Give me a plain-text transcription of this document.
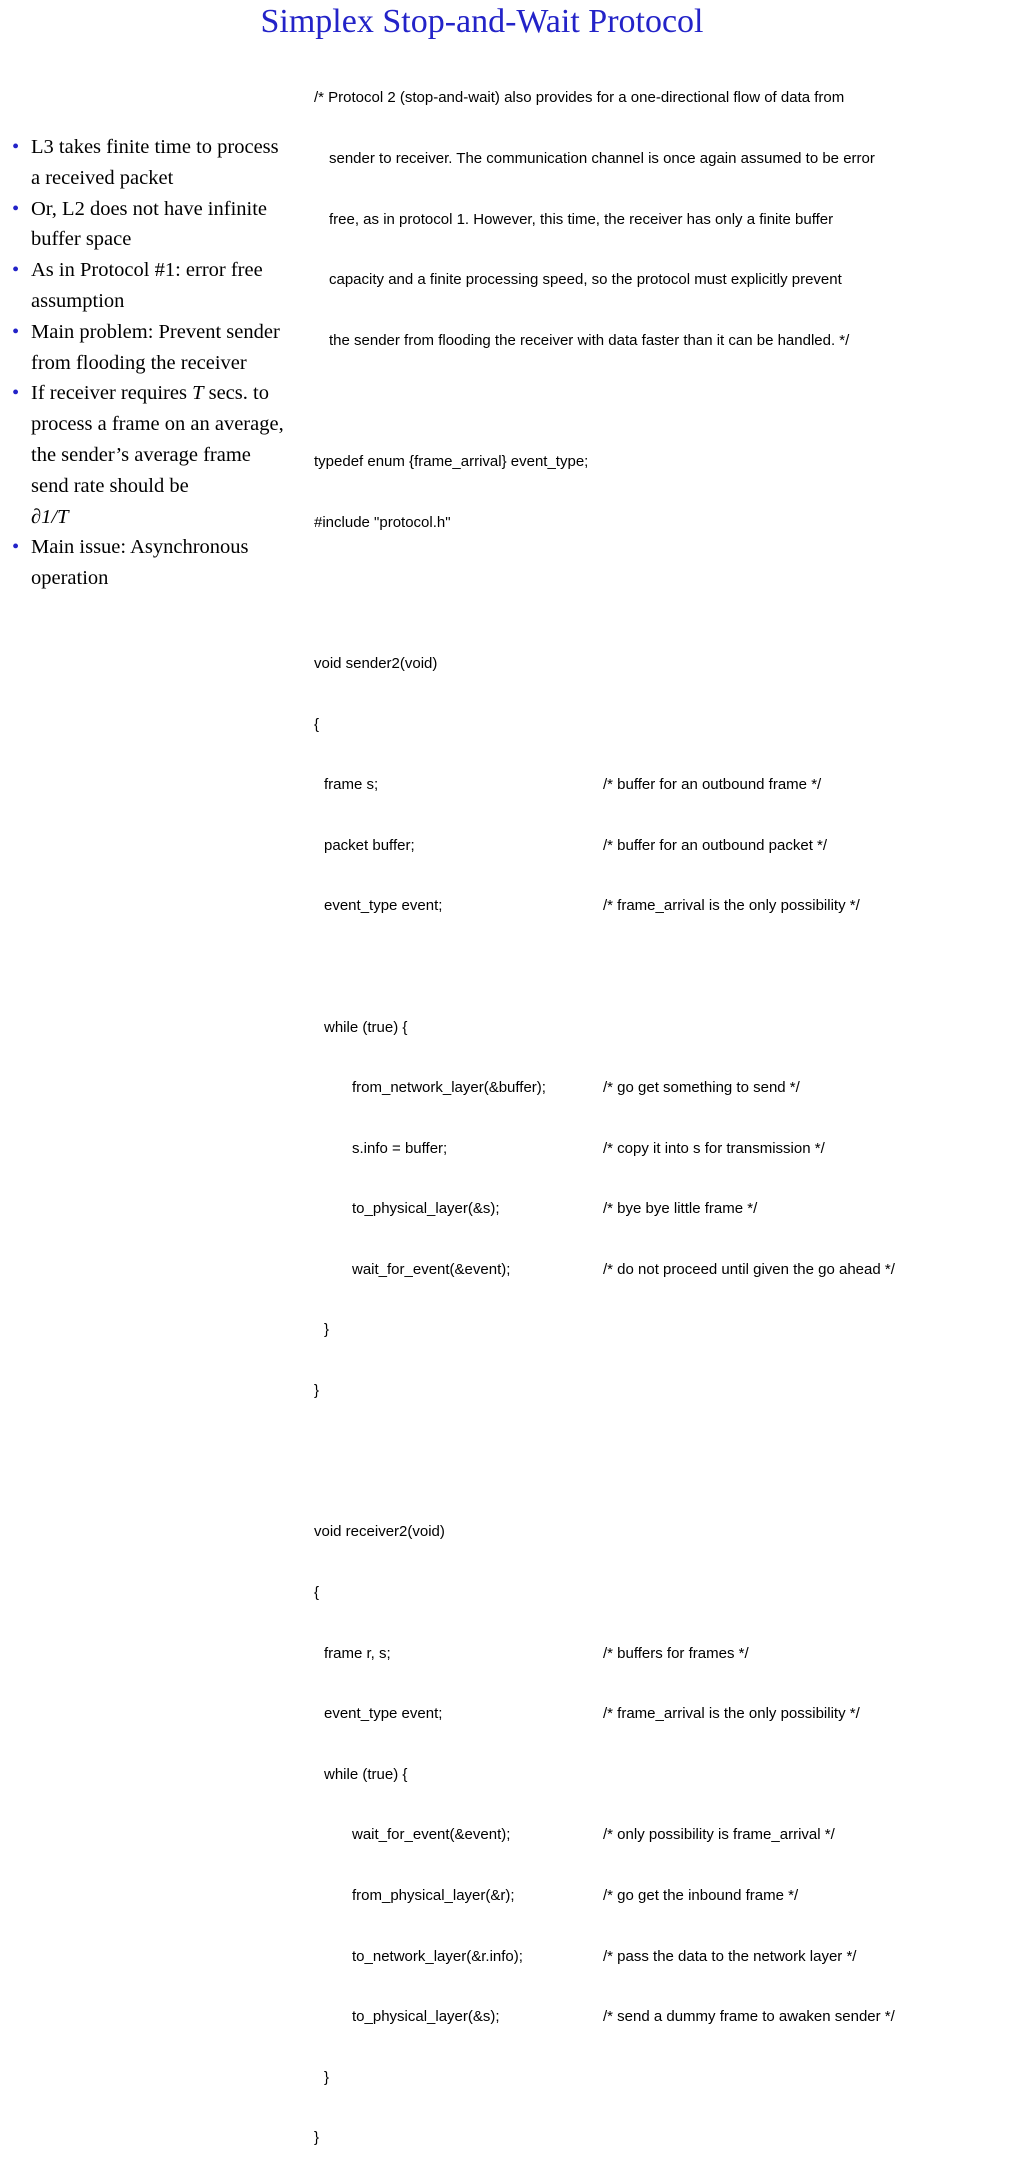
Simplex Stop-and-Wait Protocol
• L3 takes finite time to process a received packet
• Or, L2 does not have infinite buffer space
• As in Protocol #1: error free assumption
• Main problem: Prevent sender from flooding the receiver
• If receiver requires T secs. to process a frame on an average, the sender’s average frame send rate should be
∂1/T
• Main issue: Asynchronous operation

/* Protocol 2 (stop-and-wait) also provides for a one-directional flow of data from

sender to receiver. The communication channel is once again assumed to be error

free, as in protocol 1. However, this time, the receiver has only a finite buffer

capacity and a finite processing speed, so the protocol must explicitly prevent

the sender from flooding the receiver with data faster than it can be handled. */

typedef enum {frame_arrival} event_type;

#include "protocol.h"

void sender2(void)

{

frame s;	/* buffer for an outbound frame */

packet buffer;	/* buffer for an outbound packet */

event_type event;	/* frame_arrival is the only possibility */

while (true) {

from_network_layer(&buffer);	/* go get something to send */

s.info = buffer;	/* copy it into s for transmission */

to_physical_layer(&s);	/* bye bye little frame */

wait_for_event(&event);	/* do not proceed until given the go ahead */

}

}

void receiver2(void)

{

frame r, s;	/* buffers for frames */

event_type event;	/* frame_arrival is the only possibility */

while (true) {

wait_for_event(&event);	/* only possibility is frame_arrival */

from_physical_layer(&r);	/* go get the inbound frame */

to_network_layer(&r.info);	/* pass the data to the network layer */

to_physical_layer(&s);	/* send a dummy frame to awaken sender */

}

}
